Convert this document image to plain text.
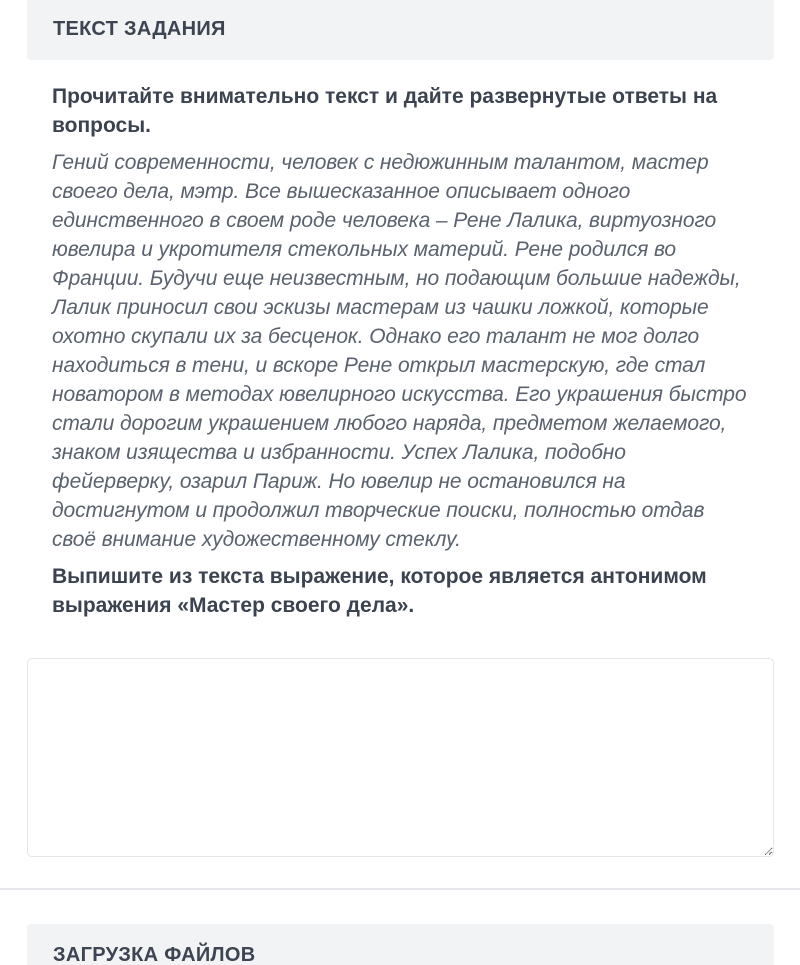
ТЕКСТ ЗАДАНИЯ

Прочитайте внимательно текст и дайте развернутые ответы на вопросы.

Гений современности, человек с недюжинным талантом, мастер своего дела, мэтр. Все вышесказанное описывает одного единственного в своем роде человека – Рене Лалика, виртуозного ювелира и укротителя стекольных материй. Рене родился во Франции. Будучи еще неизвестным, но подающим большие надежды, Лалик приносил свои эскизы мастерам из чашки ложкой, которые охотно скупали их за бесценок. Однако его талант не мог долго находиться в тени, и вскоре Рене открыл мастерскую, где стал новатором в методах ювелирного искусства. Его украшения быстро стали дорогим украшением любого наряда, предметом желаемого, знаком изящества и избранности. Успех Лалика, подобно фейерверку, озарил Париж. Но ювелир не остановился на достигнутом и продолжил творческие поиски, полностью отдав своё внимание художественному стеклу.

Выпишите из текста выражение, которое является антонимом выражения «Мастер своего дела».

ЗАГРУЗКА ФАЙЛОВ
